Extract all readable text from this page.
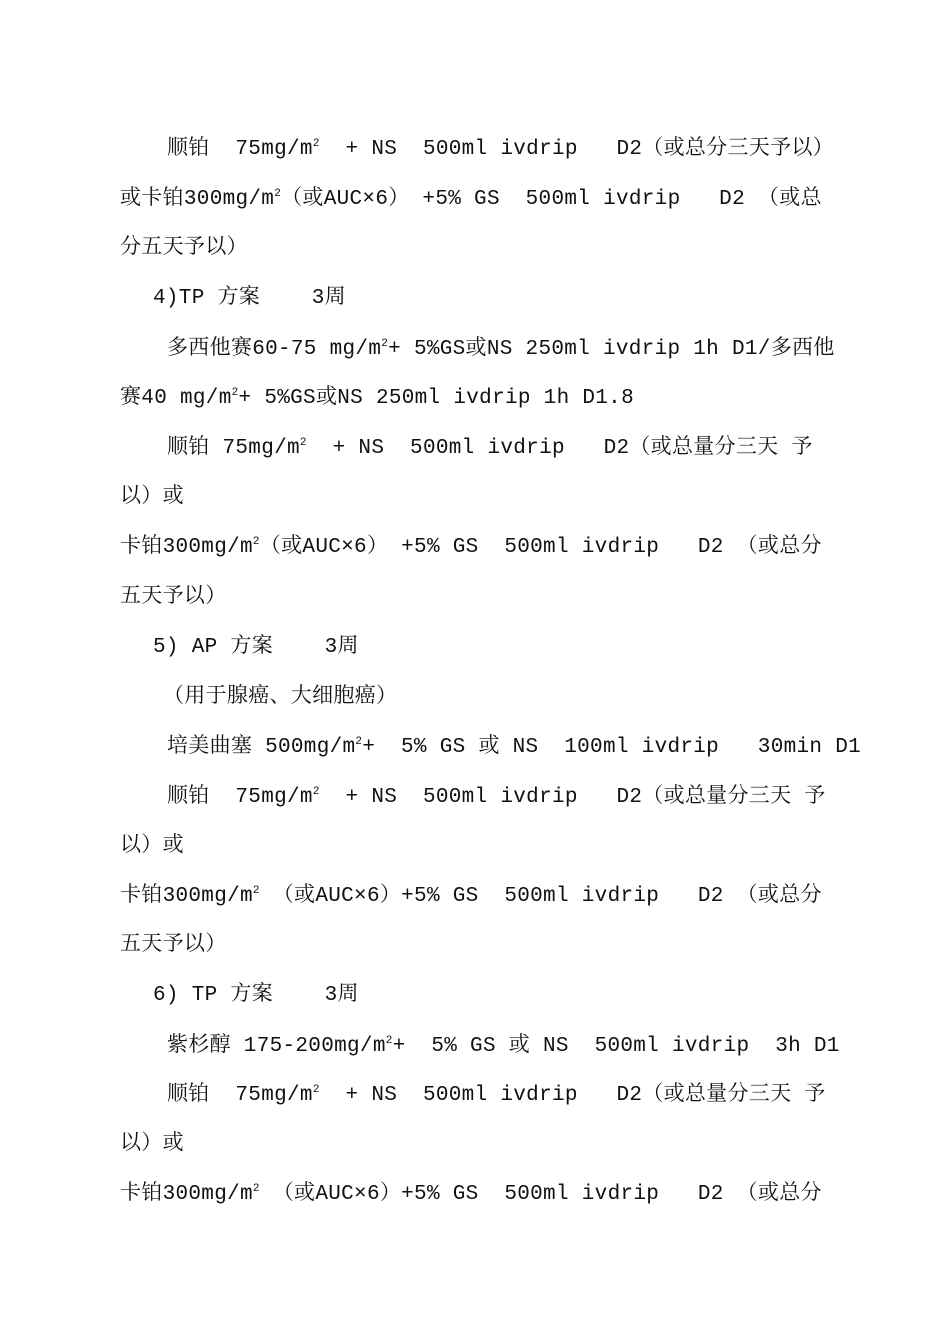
顺铂  $75mg/m^2$  + NS  500ml ivdrip   D2（或总分三天予以）
或卡铂$300mg/m^2$（或AUC×6） +5% GS  500ml ivdrip   D2 （或总
分五天予以）
4)TP 方案    3周
多西他赛60-75 $mg/m^2+ 5\%GS$或NS 250ml ivdrip 1h D1/多西他
赛40 $mg/m^2+ 5\%GS$或NS 250ml ivdrip 1h D1.8
顺铂 $75mg/m^2$  + NS  500ml ivdrip   D2（或总量分三天 予
以）或
卡铂$300mg/m^2$（或AUC×6） +5% GS  500ml ivdrip   D2 （或总分
五天予以）
5) AP 方案    3周
（用于腺癌、大细胞癌）
培美曲塞 $500mg/m^2+ 5\%$ GS 或 NS  100ml ivdrip   30min D1
顺铂  $75mg/m^2$  + NS  500ml ivdrip   D2（或总量分三天 予
以）或
卡铂$300mg/m^2$ （或AUC×6）+5% GS  500ml ivdrip   D2 （或总分
五天予以）
6) TP 方案    3周
紫杉醇 $175-200mg/m^2+ 5\%$ GS 或 NS  500ml ivdrip  3h D1
顺铂  $75mg/m^2$  + NS  500ml ivdrip   D2（或总量分三天 予
以）或
卡铂$300mg/m^2$ （或AUC×6）+5% GS  500ml ivdrip   D2 （或总分
